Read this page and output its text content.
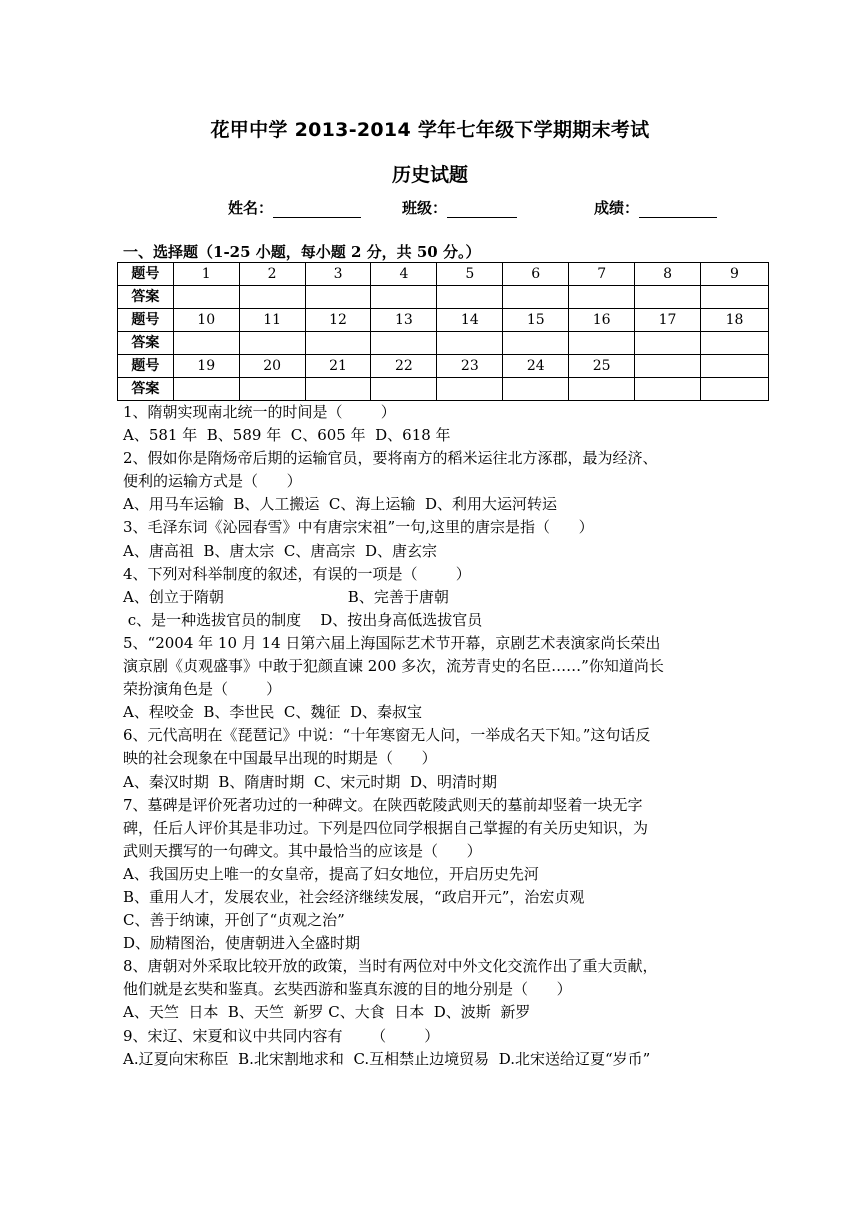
花甲中学 2013-2014 学年七年级下学期期末考试
历史试题
姓名：	班级：	成绩：
一、选择题（1-25 小题，每小题 2 分，共 50 分。）
题号	1	2	3	4	5	6	7	8	9
答案									
题号	10	11	12	13	14	15	16	17	18
答案									
题号	19	20	21	22	23	24	25		
答案									
1、隋朝实现南北统一的时间是（        ）
A、581 年  B、589 年  C、605 年  D、618 年
2、假如你是隋炀帝后期的运输官员，要将南方的稻米运往北方涿郡，最为经济、
便利的运输方式是（      ）
A、用马车运输  B、人工搬运  C、海上运输  D、利用大运河转运
3、毛泽东词《沁园春雪》中有唐宗宋祖”一句,这里的唐宗是指（      ）
A、唐高祖  B、唐太宗  C、唐高宗  D、唐玄宗
4、下列对科举制度的叙述，有误的一项是（        ）
A、创立于隋朝                          B、完善于唐朝
c、是一种选拔官员的制度    D、按出身高低选拔官员
5、“2004 年 10 月 14 日第六届上海国际艺术节开幕，京剧艺术表演家尚长荣出
演京剧《贞观盛事》中敢于犯颜直谏 200 多次，流芳青史的名臣……”你知道尚长
荣扮演角色是（        ）
A、程咬金  B、李世民  C、魏征  D、秦叔宝
6、元代高明在《琵琶记》中说：“十年寒窗无人问，一举成名天下知。”这句话反
映的社会现象在中国最早出现的时期是（      ）
A、秦汉时期  B、隋唐时期  C、宋元时期  D、明清时期
7、墓碑是评价死者功过的一种碑文。在陕西乾陵武则天的墓前却竖着一块无字
碑，任后人评价其是非功过。下列是四位同学根据自己掌握的有关历史知识，为
武则天撰写的一句碑文。其中最恰当的应该是（      ）
A、我国历史上唯一的女皇帝，提高了妇女地位，开启历史先河
B、重用人才，发展农业，社会经济继续发展，“政启开元”，治宏贞观
C、善于纳谏，开创了“贞观之治”
D、励精图治，使唐朝进入全盛时期
8、唐朝对外采取比较开放的政策，当时有两位对中外文化交流作出了重大贡献，
他们就是玄奘和鉴真。玄奘西游和鉴真东渡的目的地分别是（      ）
A、天竺  日本  B、天竺  新罗 C、大食  日本  D、波斯  新罗
9、宋辽、宋夏和议中共同内容有      （        ）
A.辽夏向宋称臣  B.北宋割地求和  C.互相禁止边境贸易  D.北宋送给辽夏“岁币”
